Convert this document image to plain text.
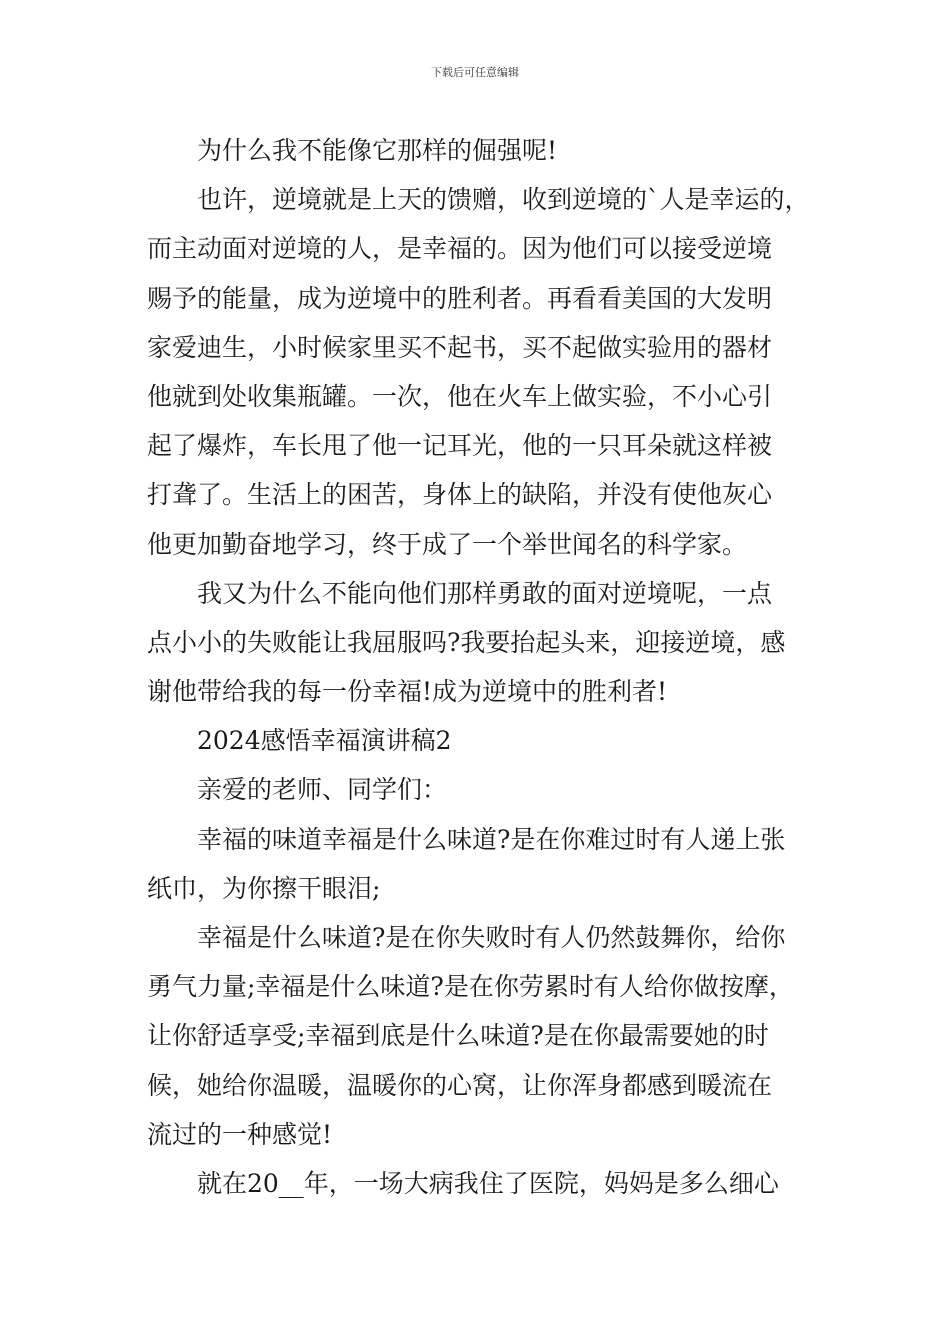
下载后可任意编辑
为什么我不能像它那样的倔强呢!
也许，逆境就是上天的馈赠，收到逆境的`人是幸运的，
而主动面对逆境的人，是幸福的。因为他们可以接受逆境
赐予的能量，成为逆境中的胜利者。再看看美国的大发明
家爱迪生，小时候家里买不起书，买不起做实验用的器材
他就到处收集瓶罐。一次，他在火车上做实验，不小心引
起了爆炸，车长甩了他一记耳光，他的一只耳朵就这样被
打聋了。生活上的困苦，身体上的缺陷，并没有使他灰心
他更加勤奋地学习，终于成了一个举世闻名的科学家。
我又为什么不能向他们那样勇敢的面对逆境呢，一点
点小小的失败能让我屈服吗?我要抬起头来，迎接逆境，感
谢他带给我的每一份幸福!成为逆境中的胜利者!
2024感悟幸福演讲稿2
亲爱的老师、同学们：
幸福的味道幸福是什么味道?是在你难过时有人递上张
纸巾，为你擦干眼泪;
幸福是什么味道?是在你失败时有人仍然鼓舞你，给你
勇气力量;幸福是什么味道?是在你劳累时有人给你做按摩，
让你舒适享受;幸福到底是什么味道?是在你最需要她的时
候，她给你温暖，温暖你的心窝，让你浑身都感到暖流在
流过的一种感觉!
就在20__年，一场大病我住了医院，妈妈是多么细心
